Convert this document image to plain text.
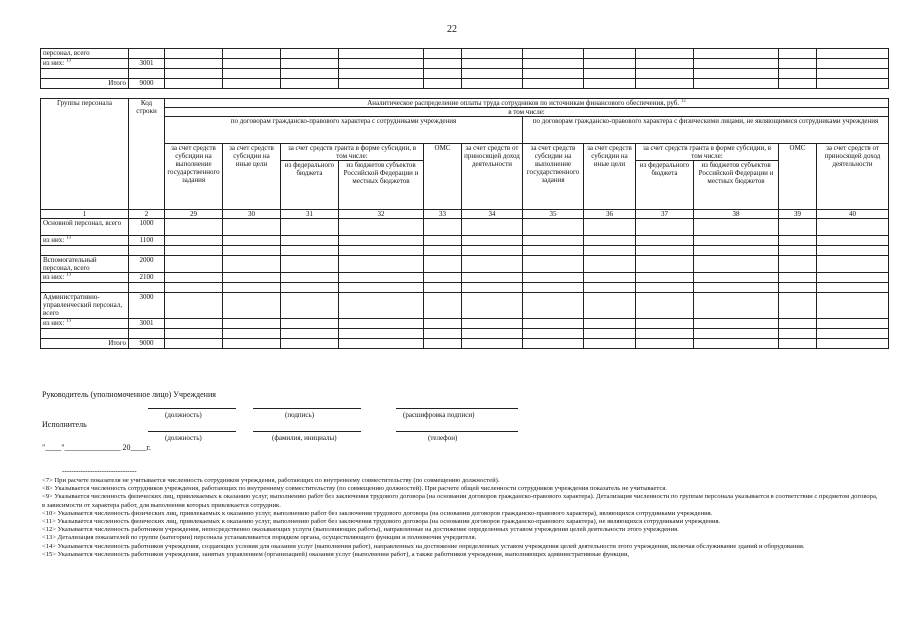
22
персонал, всего													
из них: $^{13}$	3001												

Итого	9000												
Группы персонала	Код строки	Аналитическое распределение оплаты труда сотрудников по источникам финансового обеспечения, руб. $^{12}$
		в том числе:											
		по договорам гражданско-правового характера с сотрудниками учреждения						по договорам гражданско-правового характера с физическими лицами, не являющимися сотрудниками учреждения					
		за счет средств субсидии на выполнение государственного задания	за счет средств субсидии на иные цели	за счет средств гранта в форме субсидии, в том числе:		ОМС	за счет средств от приносящей доход деятельности	за счет средств субсидии на выполнение государственного задания	за счет средств субсидии на иные цели	за счет средств гранта в форме субсидии, в том числе:		ОМС	за счет средств от приносящей доход деятельности
				из федерального бюджета	из бюджетов субъектов Российской Федерации и местных бюджетов					из федерального бюджета	из бюджетов субъектов Российской Федерации и местных бюджетов		
1	2	29	30	31	32	33	34	35	36	37	38	39	40
Основной персонал, всего	1000												
из них: $^{13}$	1100												

Вспомогательный персонал, всего	2000												
из них: $^{13}$	2100												

Административно-управленческий персонал, всего	3000												
из них: $^{13}$	3001												

Итого	9000												
Руководитель (уполномоченное лицо) Учреждения
(должность)	(подпись)	(расшифровка подписи)
Исполнитель
(должность)	(фамилия, инициалы)	(телефон)
"____"______________ 20____г.
--------------------------------
<7> При расчете показателя не учитывается численность сотрудников учреждения, работающих по внутреннему совместительству (по совмещению должностей).
<8> Указывается численность сотрудников учреждения, работающих по внутреннему совместительству (по совмещению должностей). При расчете общей численности сотрудников учреждения показатель не учитывается.
<9> Указывается численность физических лиц, привлекаемых к оказанию услуг, выполнению работ без заключения трудового договора (на основании договоров гражданско-правового характера). Детализация численности по группам персонала указывается в соответствии с предметом договора, в зависимости от характера работ, для выполнения которых привлекается сотрудник.
<10> Указывается численность физических лиц, привлекаемых к оказанию услуг, выполнению работ без заключения трудового договора (на основании договоров гражданско-правового характера), являющихся сотрудниками учреждения.
<11> Указывается численность физических лиц, привлекаемых к оказанию услуг, выполнению работ без заключения трудового договора (на основании договоров гражданско-правового характера), не являющихся сотрудниками учреждения.
<12> Указывается численность работников учреждения, непосредственно оказывающих услуги (выполняющих работы), направленные на достижение определенных уставом учреждения целей деятельности этого учреждения.
<13> Детализация показателей по группе (категории) персонала устанавливается порядком органа, осуществляющего функции и полномочия учредителя.
<14> Указывается численность работников учреждения, создающих условия для оказания услуг (выполнения работ), направленных на достижение определенных уставом учреждения целей деятельности этого учреждения, включая обслуживание зданий и оборудования.
<15> Указывается численность работников учреждения, занятых управлением (организацией) оказания услуг (выполнения работ), а также работников учреждения, выполняющих административные функции,
